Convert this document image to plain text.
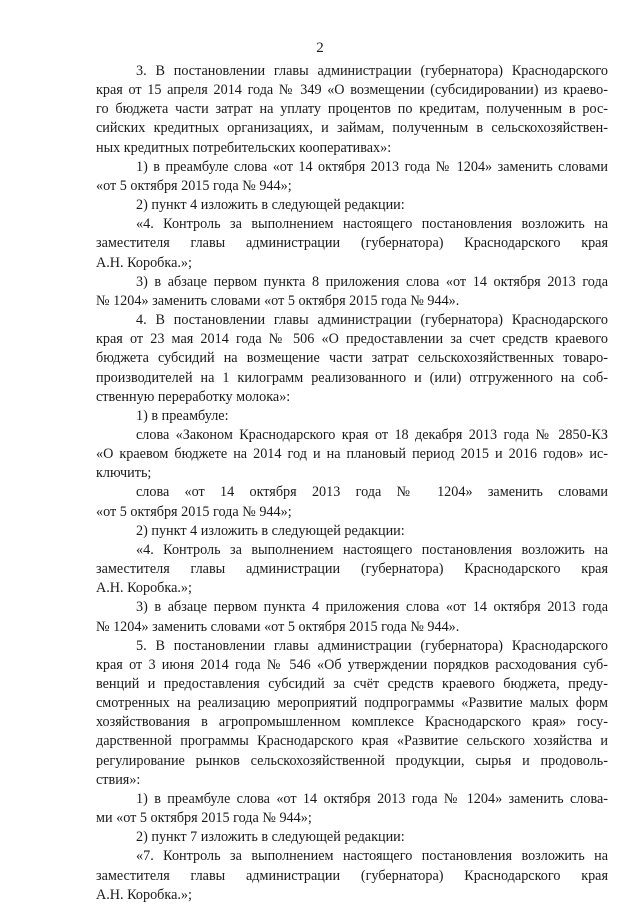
2

3. В постановлении главы администрации (губернатора) Краснодарского

края от 15 апреля 2014 года № 349 «О возмещении (субсидировании) из краево-

го бюджета части затрат на уплату процентов по кредитам, полученным в рос-

сийских кредитных организациях, и займам, полученным в сельскохозяйствен-

ных кредитных потребительских кооперативах»:

1) в преамбуле слова «от 14 октября 2013 года № 1204» заменить словами

«от 5 октября 2015 года № 944»;

2) пункт 4 изложить в следующей редакции:

«4. Контроль за выполнением настоящего постановления возложить на

заместителя главы администрации (губернатора) Краснодарского края

А.Н. Коробка.»;

3) в абзаце первом пункта 8 приложения слова «от 14 октября 2013 года

№ 1204» заменить словами «от 5 октября 2015 года № 944».

4. В постановлении главы администрации (губернатора) Краснодарского

края от 23 мая 2014 года № 506 «О предоставлении за счет средств краевого

бюджета субсидий на возмещение части затрат сельскохозяйственных товаро-

производителей на 1 килограмм реализованного и (или) отгруженного на соб-

ственную переработку молока»:

1) в преамбуле:

слова «Законом Краснодарского края от 18 декабря 2013 года № 2850-КЗ

«О краевом бюджете на 2014 год и на плановый период 2015 и 2016 годов» ис-

ключить;

слова «от 14 октября 2013 года № 1204» заменить словами

«от 5 октября 2015 года № 944»;

2) пункт 4 изложить в следующей редакции:

«4. Контроль за выполнением настоящего постановления возложить на

заместителя главы администрации (губернатора) Краснодарского края

А.Н. Коробка.»;

3) в абзаце первом пункта 4 приложения слова «от 14 октября 2013 года

№ 1204» заменить словами «от 5 октября 2015 года № 944».

5. В постановлении главы администрации (губернатора) Краснодарского

края от 3 июня 2014 года № 546 «Об утверждении порядков расходования суб-

венций и предоставления субсидий за счёт средств краевого бюджета, преду-

смотренных на реализацию мероприятий подпрограммы «Развитие малых форм

хозяйствования в агропромышленном комплексе Краснодарского края» госу-

дарственной программы Краснодарского края «Развитие сельского хозяйства и

регулирование рынков сельскохозяйственной продукции, сырья и продоволь-

ствия»:

1) в преамбуле слова «от 14 октября 2013 года № 1204» заменить слова-

ми «от 5 октября 2015 года № 944»;

2) пункт 7 изложить в следующей редакции:

«7. Контроль за выполнением настоящего постановления возложить на

заместителя главы администрации (губернатора) Краснодарского края

А.Н. Коробка.»;
